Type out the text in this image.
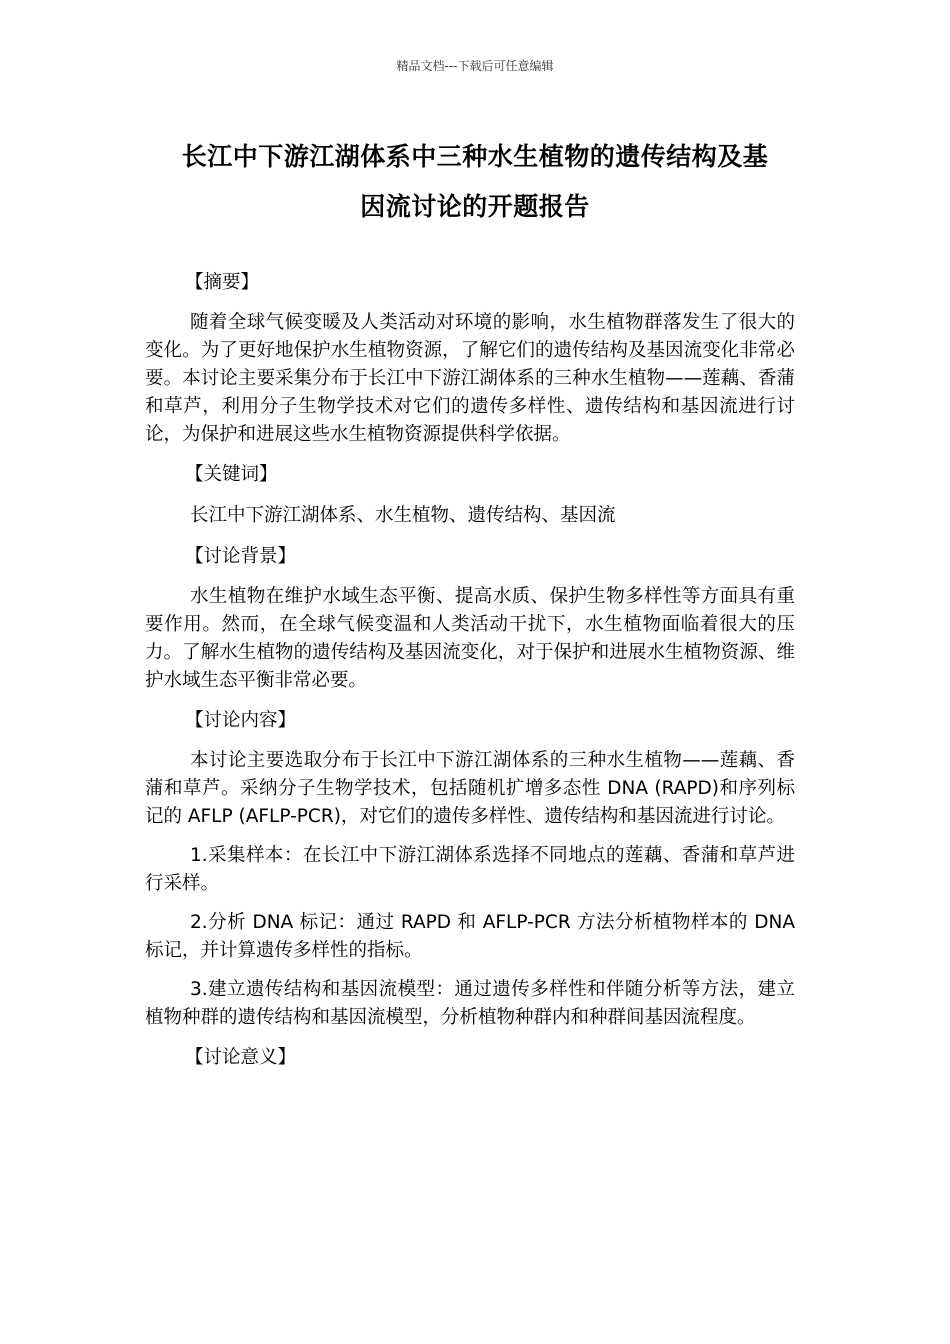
精品文档---下载后可任意编辑
长江中下游江湖体系中三种水生植物的遗传结构及基
因流讨论的开题报告
【摘要】
随着全球气候变暖及人类活动对环境的影响，水生植物群落发生了很大的变化。为了更好地保护水生植物资源，了解它们的遗传结构及基因流变化非常必要。本讨论主要采集分布于长江中下游江湖体系的三种水生植物——莲藕、香蒲和草芦，利用分子生物学技术对它们的遗传多样性、遗传结构和基因流进行讨论，为保护和进展这些水生植物资源提供科学依据。
【关键词】
长江中下游江湖体系、水生植物、遗传结构、基因流
【讨论背景】
水生植物在维护水域生态平衡、提高水质、保护生物多样性等方面具有重要作用。然而，在全球气候变温和人类活动干扰下，水生植物面临着很大的压力。了解水生植物的遗传结构及基因流变化，对于保护和进展水生植物资源、维护水域生态平衡非常必要。
【讨论内容】
本讨论主要选取分布于长江中下游江湖体系的三种水生植物——莲藕、香蒲和草芦。采纳分子生物学技术，包括随机扩增多态性 DNA (RAPD)和序列标记的 AFLP (AFLP-PCR)，对它们的遗传多样性、遗传结构和基因流进行讨论。
1.采集样本：在长江中下游江湖体系选择不同地点的莲藕、香蒲和草芦进行采样。
2.分析 DNA 标记：通过 RAPD 和 AFLP-PCR 方法分析植物样本的 DNA 标记，并计算遗传多样性的指标。
3.建立遗传结构和基因流模型：通过遗传多样性和伴随分析等方法，建立植物种群的遗传结构和基因流模型，分析植物种群内和种群间基因流程度。
【讨论意义】
